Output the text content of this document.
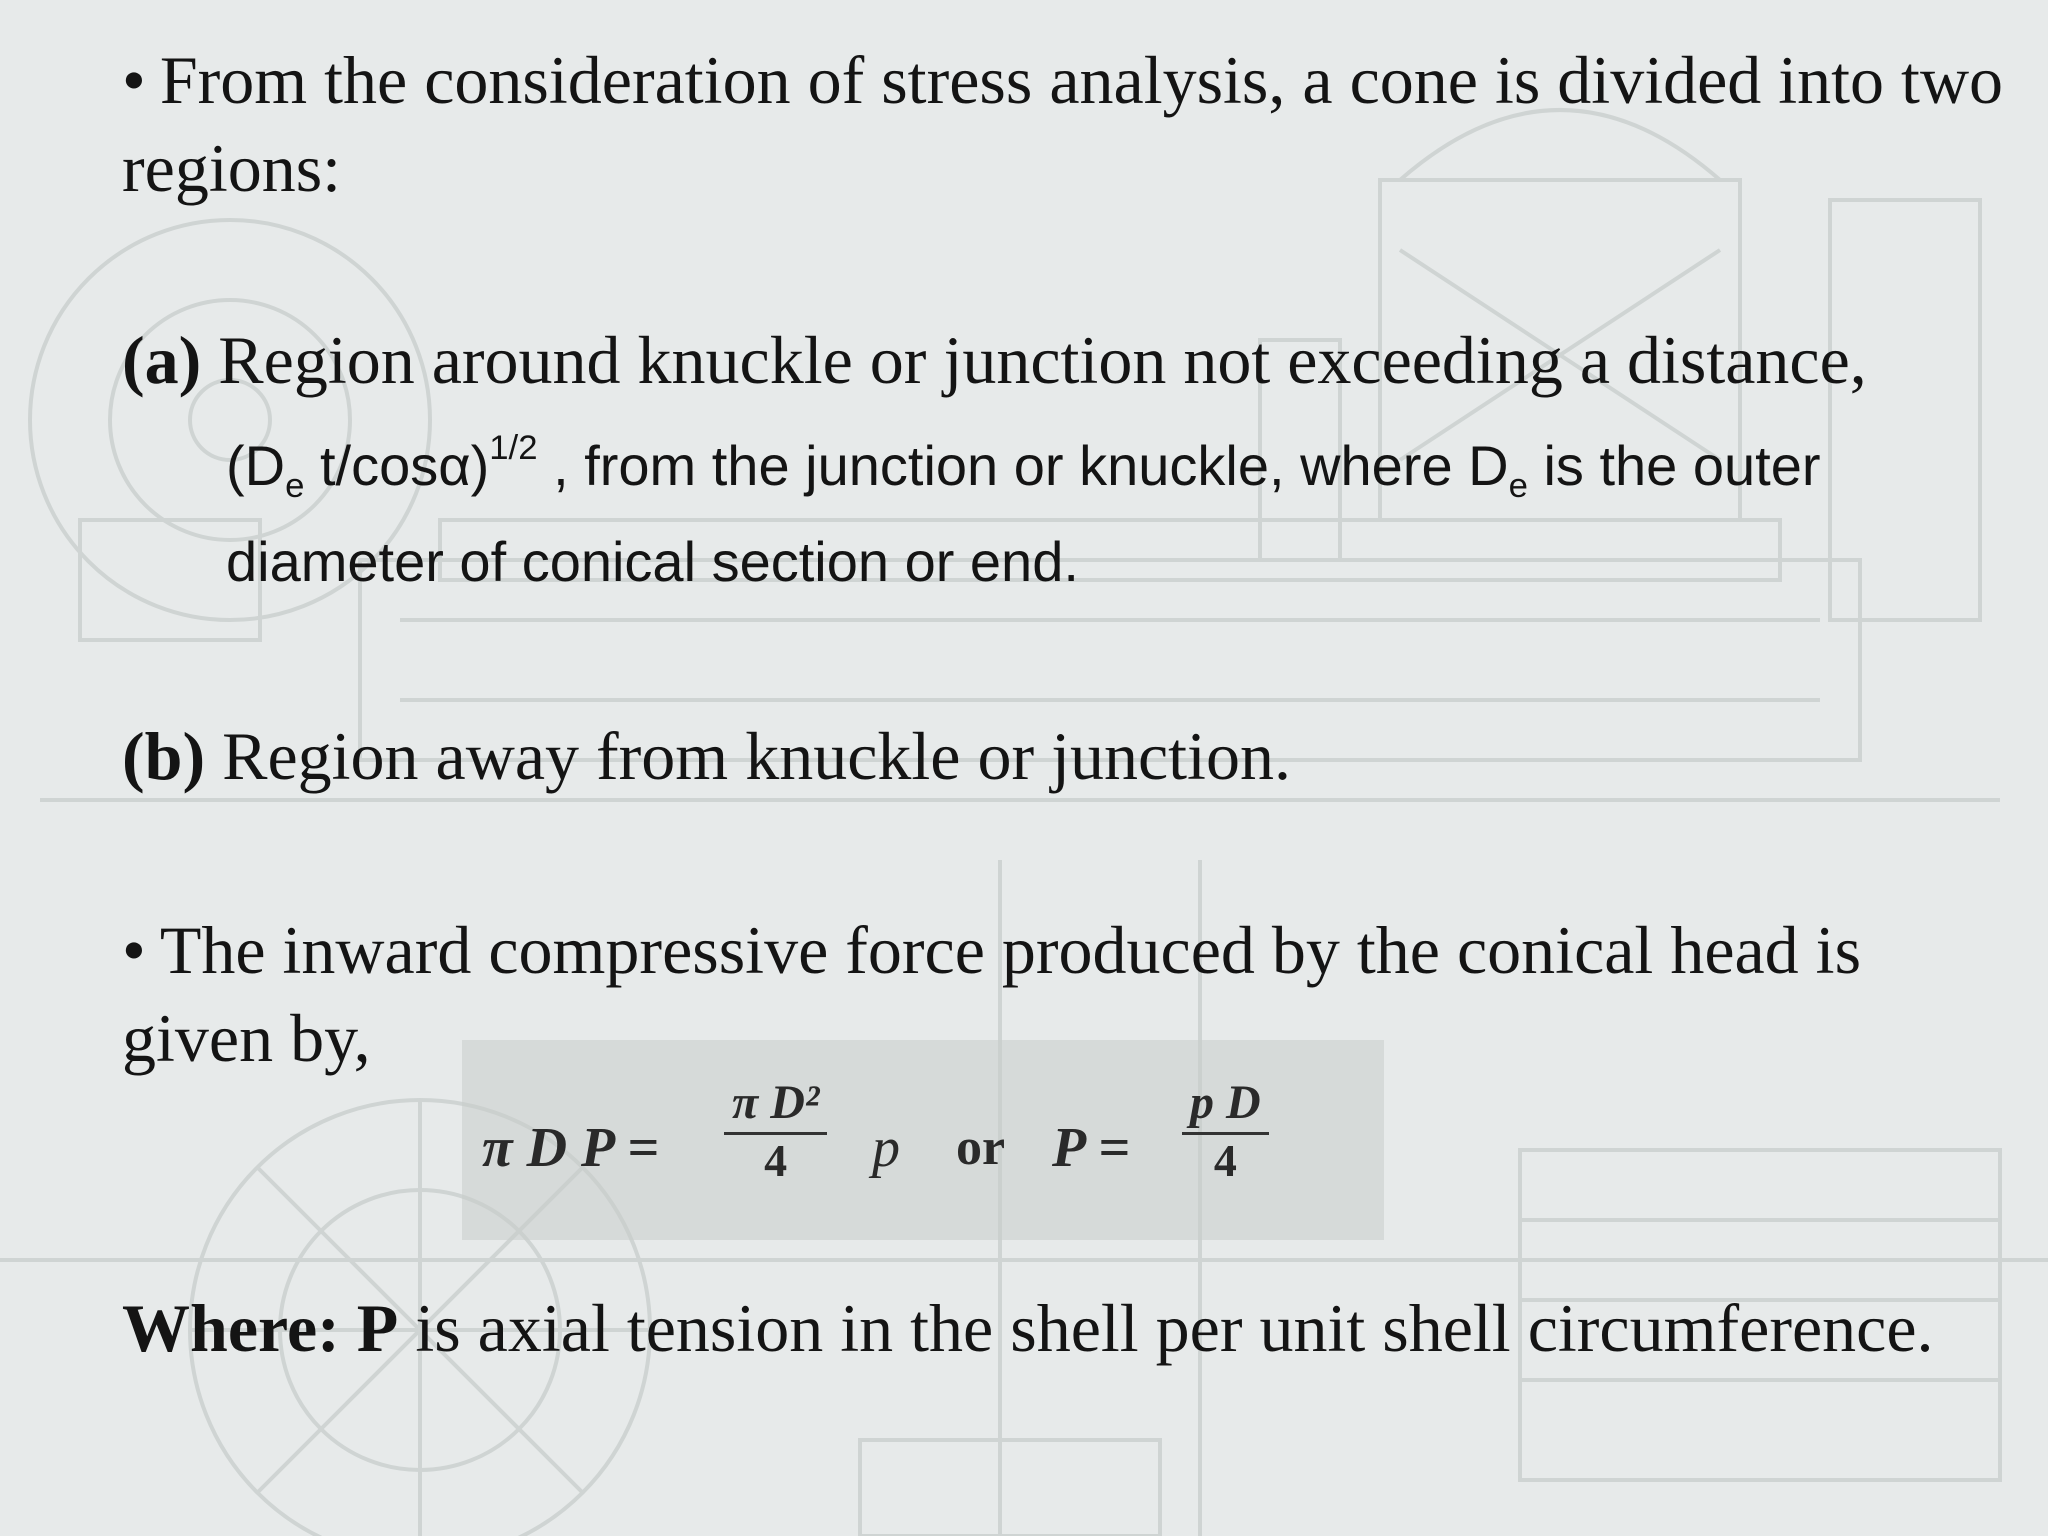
• From the consideration of stress analysis, a cone is divided into two regions:

(a) Region around knuckle or junction not exceeding a distance,

($D_e$ t/cosα)$^{1/2}$ , from the junction or knuckle, where $D_e$ is the outer diameter of conical section or end.

(b) Region away from knuckle or junction.

• The inward compressive force produced by the conical head is given by,

π D P =
π D²
4	p or P =
p D
4

Where: P is axial tension in the shell per unit shell circumference.
